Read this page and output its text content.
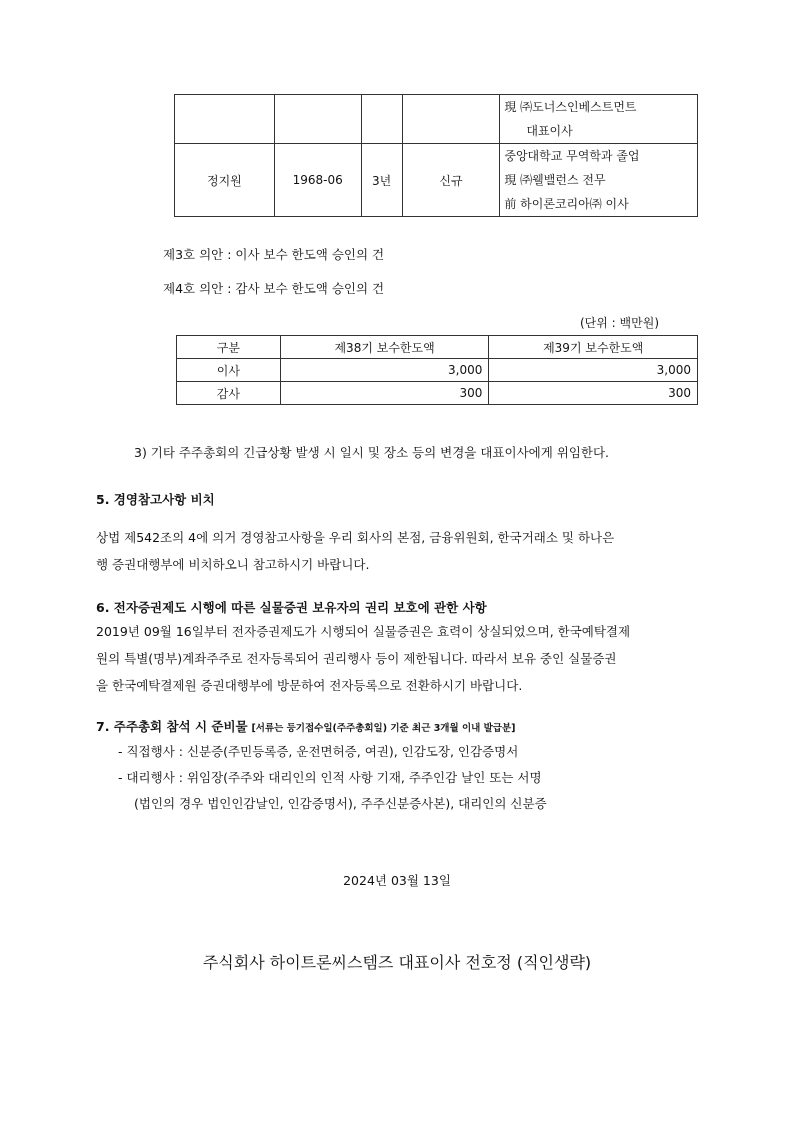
				現 ㈜도너스인베스트먼트
대표이사

정지원	1968-06	3년	신규	중앙대학교 무역학과 졸업
現 ㈜웰밸런스 전무
前 하이론코리아㈜ 이사
제3호 의안 : 이사 보수 한도액 승인의 건
제4호 의안 : 감사 보수 한도액 승인의 건
(단위 : 백만원)
구분	제38기 보수한도액	제39기 보수한도액
이사	3,000	3,000
감사	300	300
3) 기타 주주총회의 긴급상황 발생 시 일시 및 장소 등의 변경을 대표이사에게 위임한다.
5. 경영참고사항 비치
상법 제542조의 4에 의거 경영참고사항을 우리 회사의 본점, 금융위원회, 한국거래소 및 하나은
행 증권대행부에 비치하오니 참고하시기 바랍니다.
6. 전자증권제도 시행에 따른 실물증권 보유자의 권리 보호에 관한 사항
2019년 09월 16일부터 전자증권제도가 시행되어 실물증권은 효력이 상실되었으며, 한국예탁결제
원의 특별(명부)계좌주주로 전자등록되어 권리행사 등이 제한됩니다. 따라서 보유 중인 실물증권
을 한국예탁결제원 증권대행부에 방문하여 전자등록으로 전환하시기 바랍니다.
7. 주주총회 참석 시 준비물 [서류는 등기접수일(주주총회일) 기준 최근 3개월 이내 발급분]
- 직접행사 : 신분증(주민등록증, 운전면허증, 여권), 인감도장, 인감증명서
- 대리행사 : 위임장(주주와 대리인의 인적 사항 기재, 주주인감 날인 또는 서명
(법인의 경우 법인인감날인, 인감증명서), 주주신분증사본), 대리인의 신분증
2024년 03월 13일
주식회사 하이트론씨스템즈 대표이사 전호정 (직인생략)
